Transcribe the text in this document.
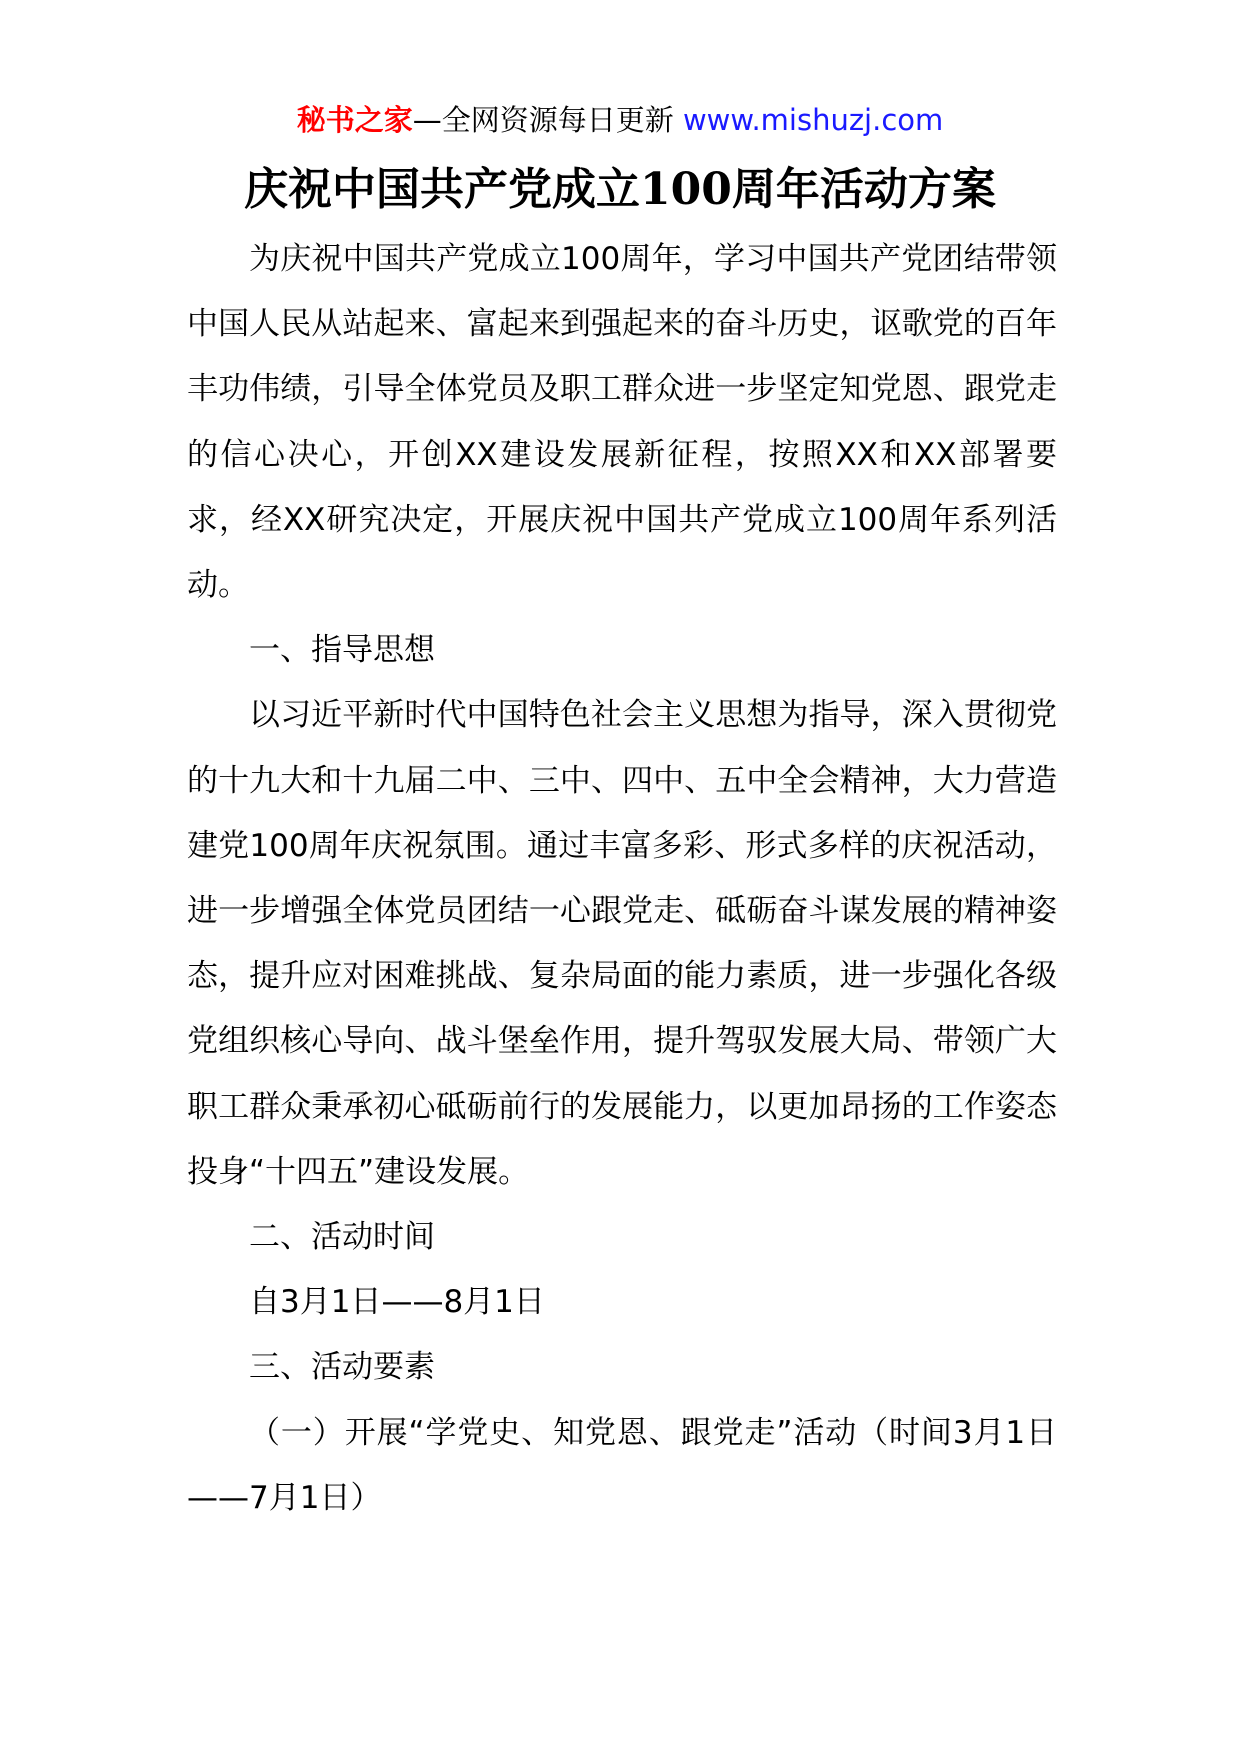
秘书之家—全网资源每日更新 www.mishuzj.com
庆祝中国共产党成立100周年活动方案

为庆祝中国共产党成立100周年，学习中国共产党团结带领中国人民从站起来、富起来到强起来的奋斗历史，讴歌党的百年丰功伟绩，引导全体党员及职工群众进一步坚定知党恩、跟党走的信心决心，开创XX建设发展新征程，按照XX和XX部署要求，经XX研究决定，开展庆祝中国共产党成立100周年系列活动。

一、指导思想

以习近平新时代中国特色社会主义思想为指导，深入贯彻党的十九大和十九届二中、三中、四中、五中全会精神，大力营造建党100周年庆祝氛围。通过丰富多彩、形式多样的庆祝活动，进一步增强全体党员团结一心跟党走、砥砺奋斗谋发展的精神姿态，提升应对困难挑战、复杂局面的能力素质，进一步强化各级党组织核心导向、战斗堡垒作用，提升驾驭发展大局、带领广大职工群众秉承初心砥砺前行的发展能力，以更加昂扬的工作姿态投身“十四五”建设发展。

二、活动时间

自3月1日——8月1日

三、活动要素

（一）开展“学党史、知党恩、跟党走”活动（时间3月1日——7月1日）
